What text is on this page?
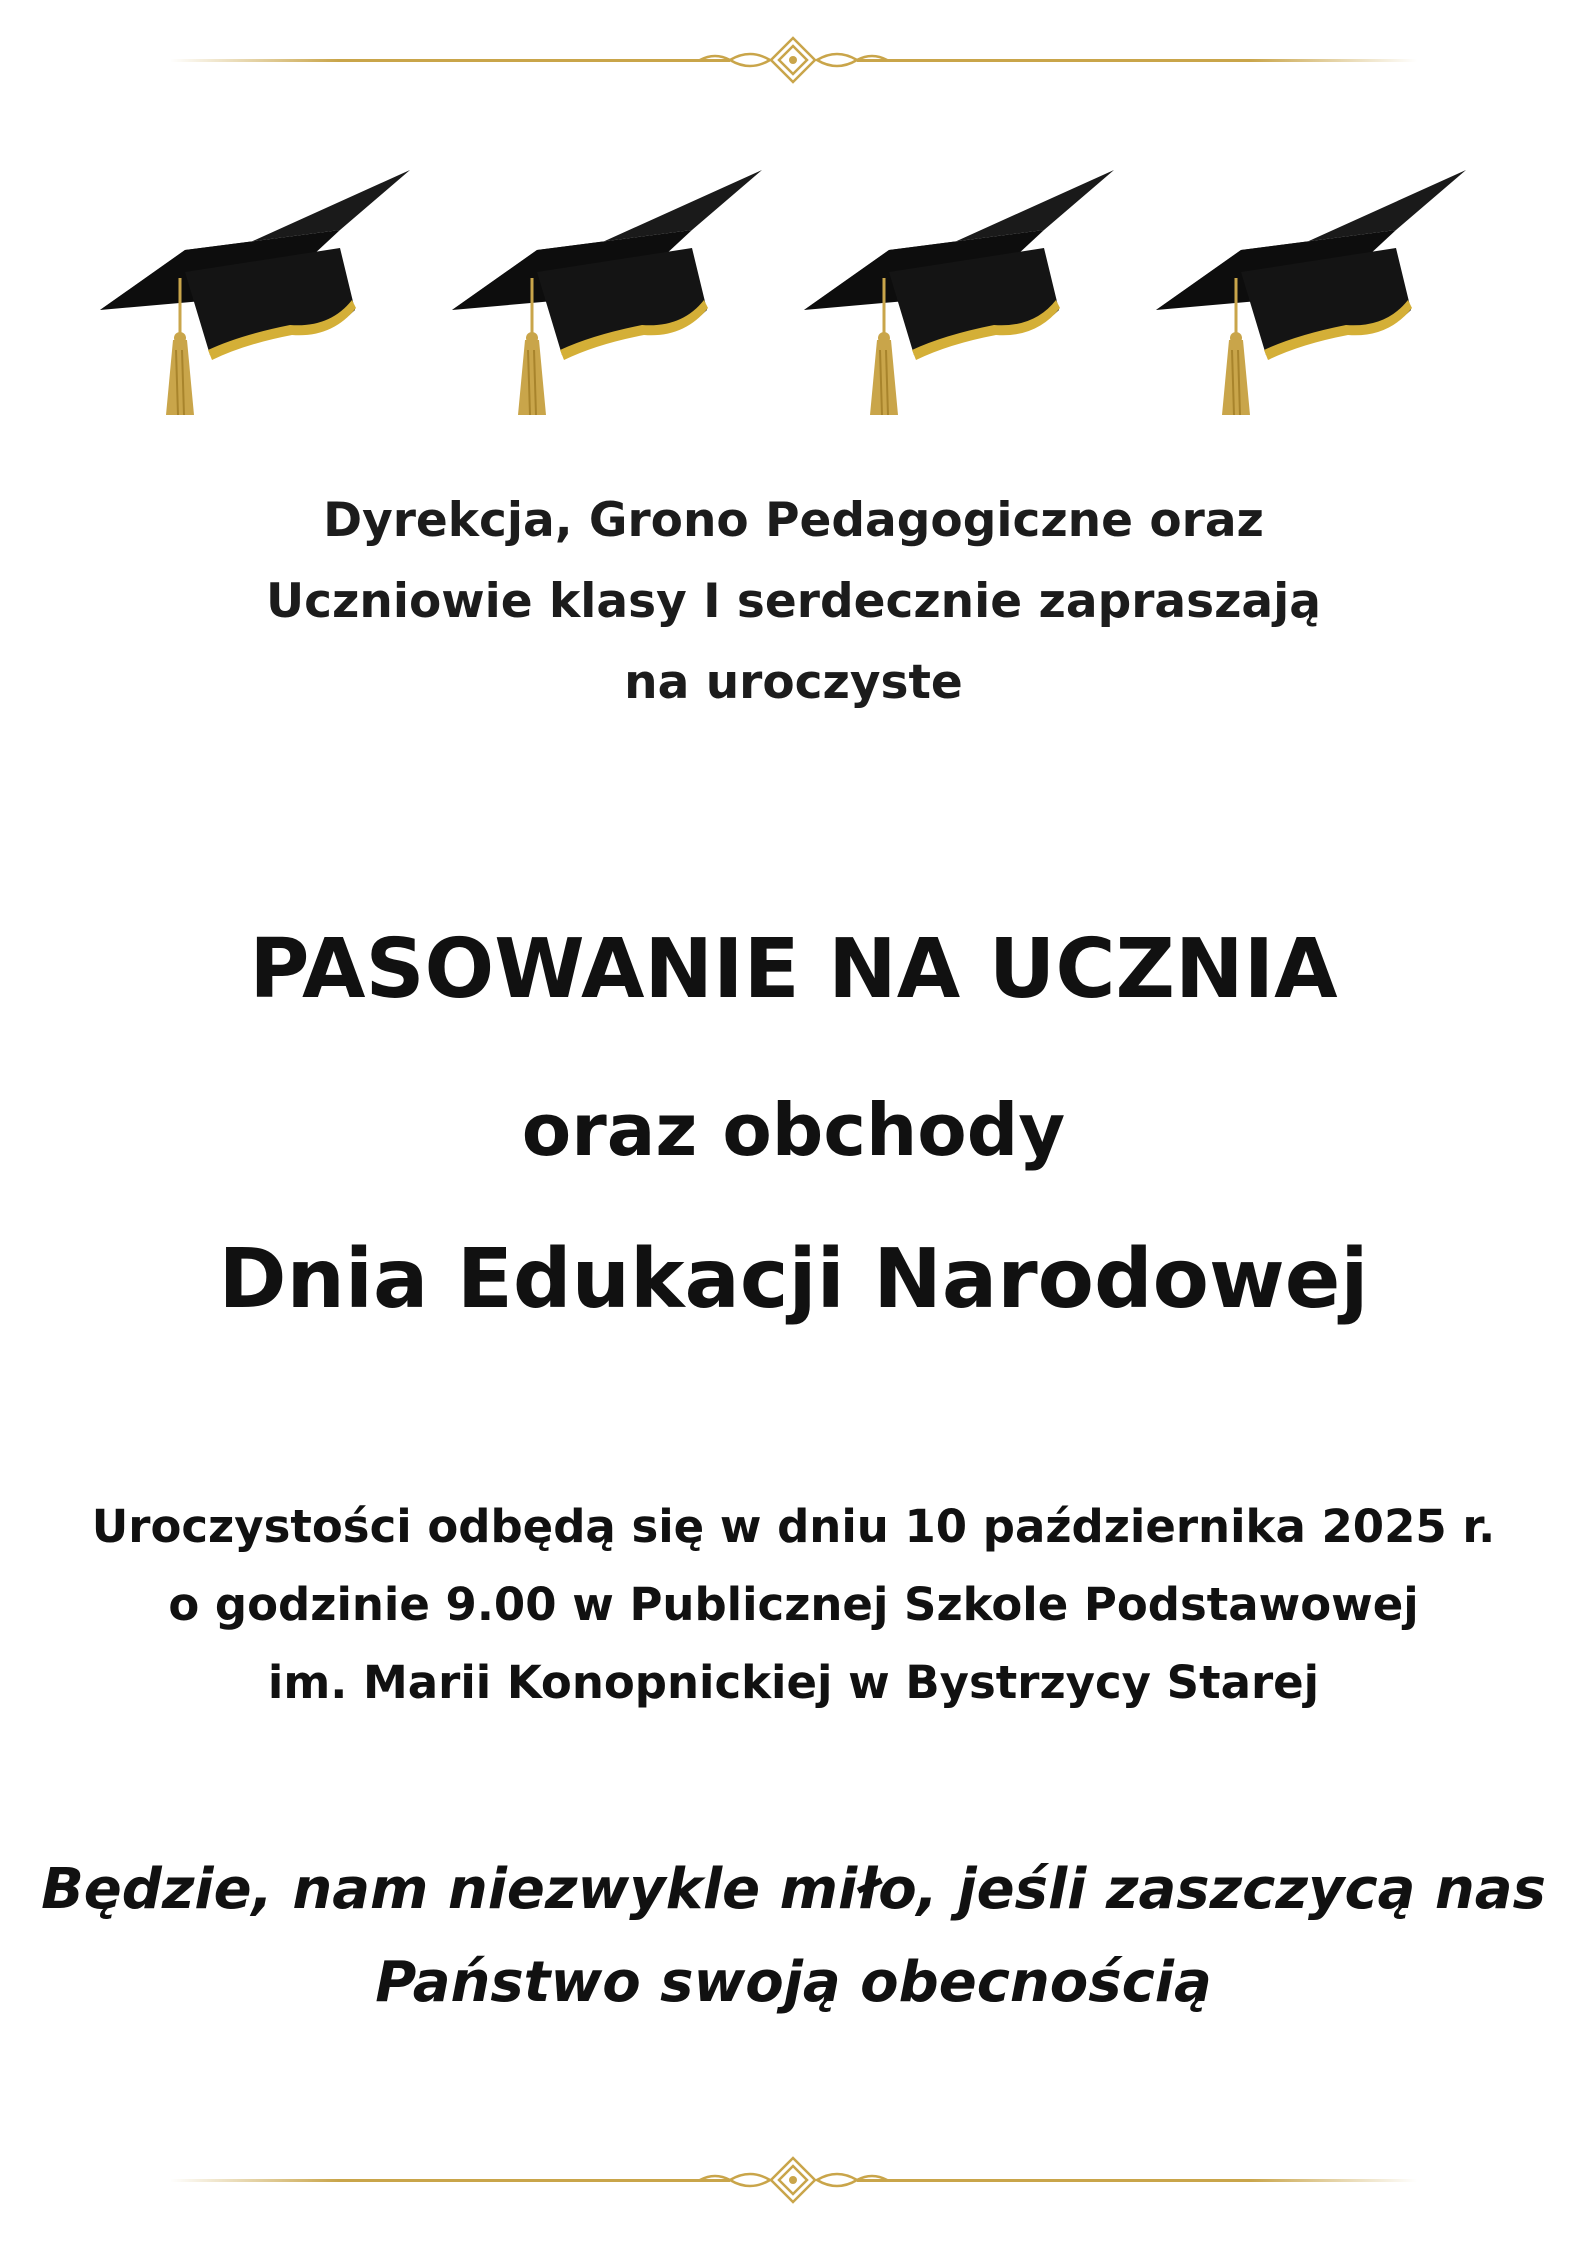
Dyrekcja, Grono Pedagogiczne oraz
Uczniowie klasy I serdecznie zapraszają
na uroczyste
PASOWANIE NA UCZNIA
oraz obchody
Dnia Edukacji Narodowej
Uroczystości odbędą się w dniu 10 października 2025 r.
o godzinie 9.00 w Publicznej Szkole Podstawowej
im. Marii Konopnickiej w Bystrzycy Starej
Będzie, nam niezwykle miło, jeśli zaszczycą nas
Państwo swoją obecnością
